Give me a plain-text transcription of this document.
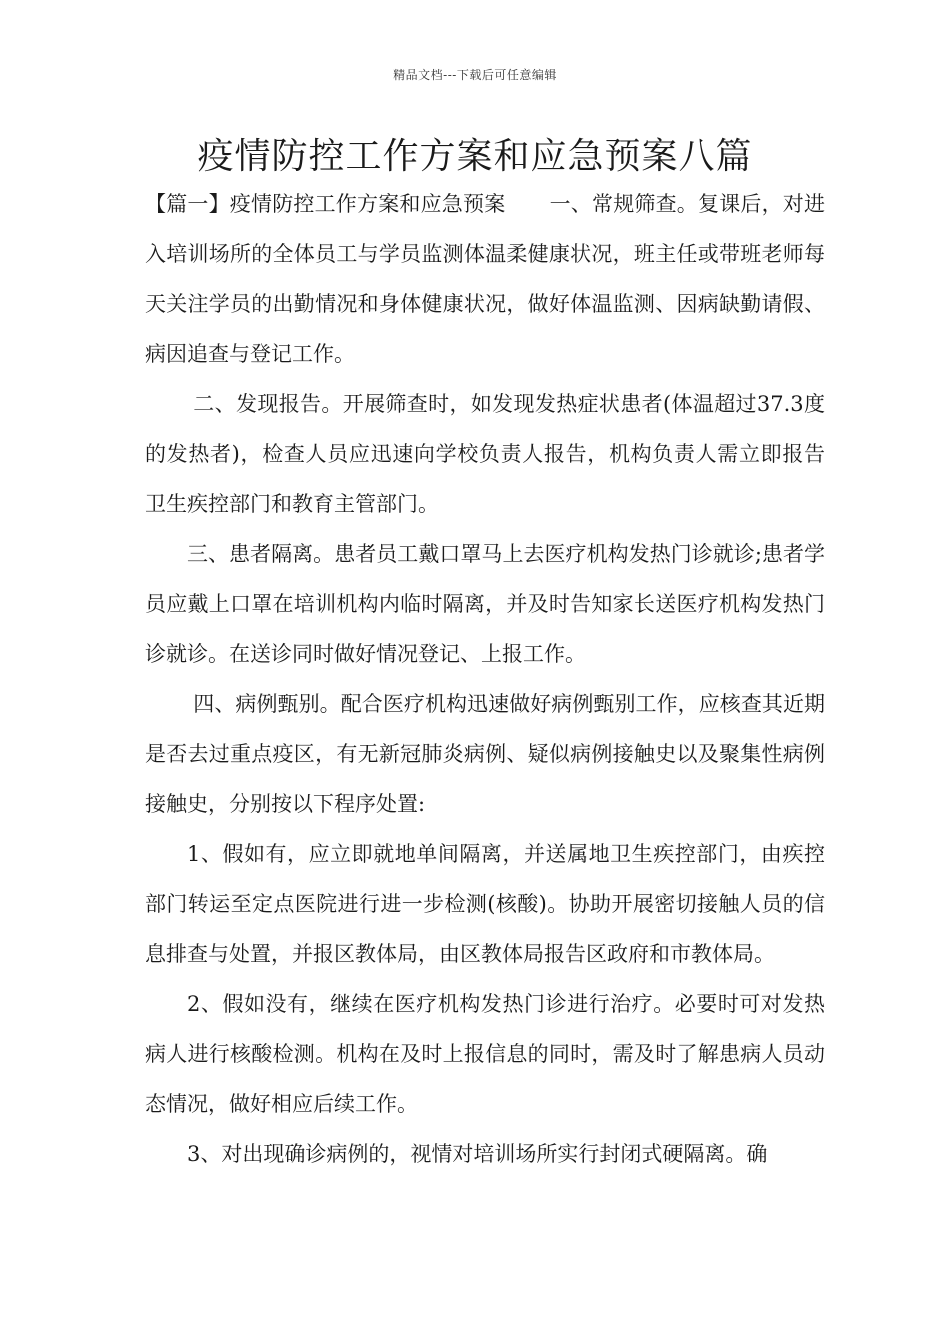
精品文档---下载后可任意编辑
疫情防控工作方案和应急预案八篇

【篇一】疫情防控工作方案和应急预案 一、常规筛查。复课后，对进入培训场所的全体员工与学员监测体温柔健康状况，班主任或带班老师每天关注学员的出勤情况和身体健康状况，做好体温监测、因病缺勤请假、病因追查与登记工作。

二、发现报告。开展筛查时，如发现发热症状患者(体温超过37.3度的发热者)，检查人员应迅速向学校负责人报告，机构负责人需立即报告卫生疾控部门和教育主管部门。

三、患者隔离。患者员工戴口罩马上去医疗机构发热门诊就诊;患者学员应戴上口罩在培训机构内临时隔离，并及时告知家长送医疗机构发热门诊就诊。在送诊同时做好情况登记、上报工作。

四、病例甄别。配合医疗机构迅速做好病例甄别工作，应核查其近期是否去过重点疫区，有无新冠肺炎病例、疑似病例接触史以及聚集性病例接触史，分别按以下程序处置:

1、假如有，应立即就地单间隔离，并送属地卫生疾控部门，由疾控部门转运至定点医院进行进一步检测(核酸)。协助开展密切接触人员的信息排查与处置，并报区教体局，由区教体局报告区政府和市教体局。

2、假如没有，继续在医疗机构发热门诊进行治疗。必要时可对发热病人进行核酸检测。机构在及时上报信息的同时，需及时了解患病人员动态情况，做好相应后续工作。

3、对出现确诊病例的，视情对培训场所实行封闭式硬隔离。确
